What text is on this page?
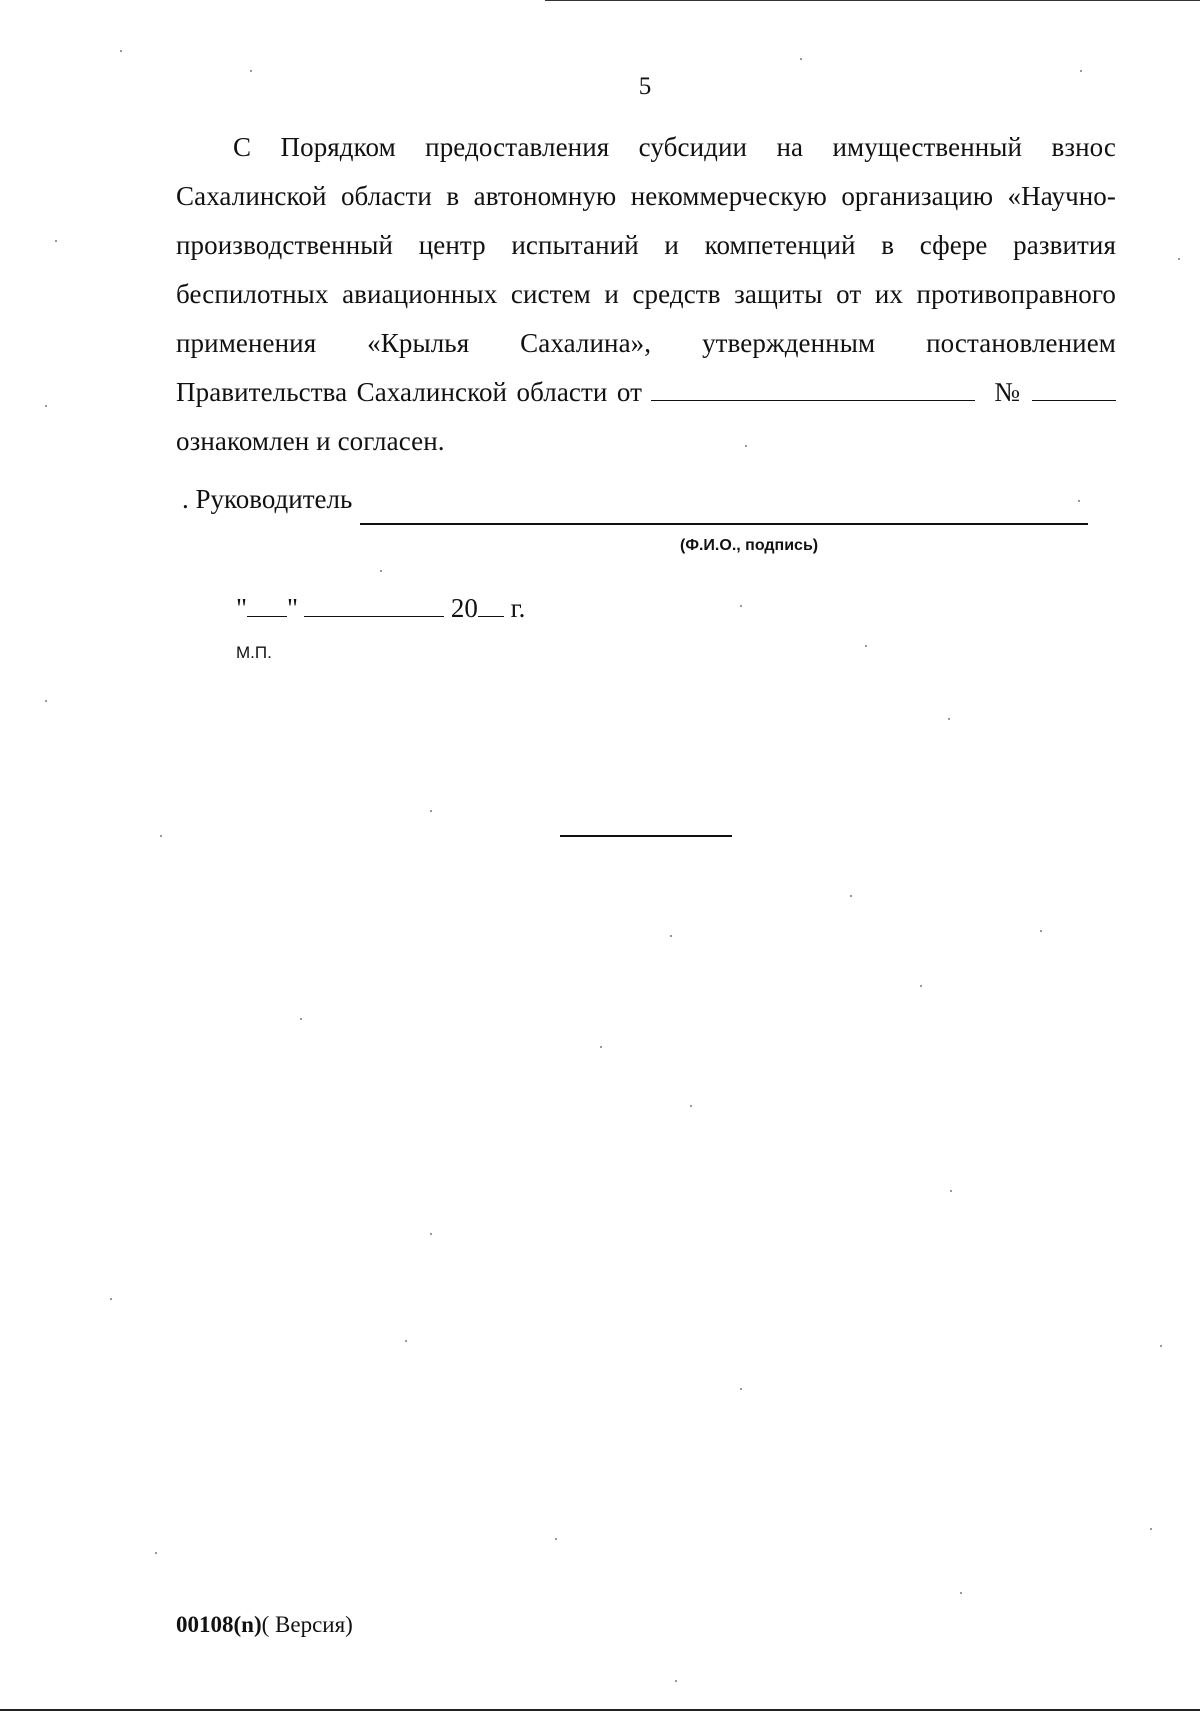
5

С Порядком предоставления субсидии на имущественный взнос Сахалинской области в автономную некоммерческую организацию «Научно-производственный центр испытаний и компетенций в сфере развития беспилотных авиационных систем и средств защиты от их противоправного применения «Крылья Сахалина», утвержденным постановлением Правительства Сахалинской области от	№  ознакомлен и согласен.

. Руководитель
(Ф.И.О., подпись)
" "	20 г.
М.П.
00108(n)( Версия)
